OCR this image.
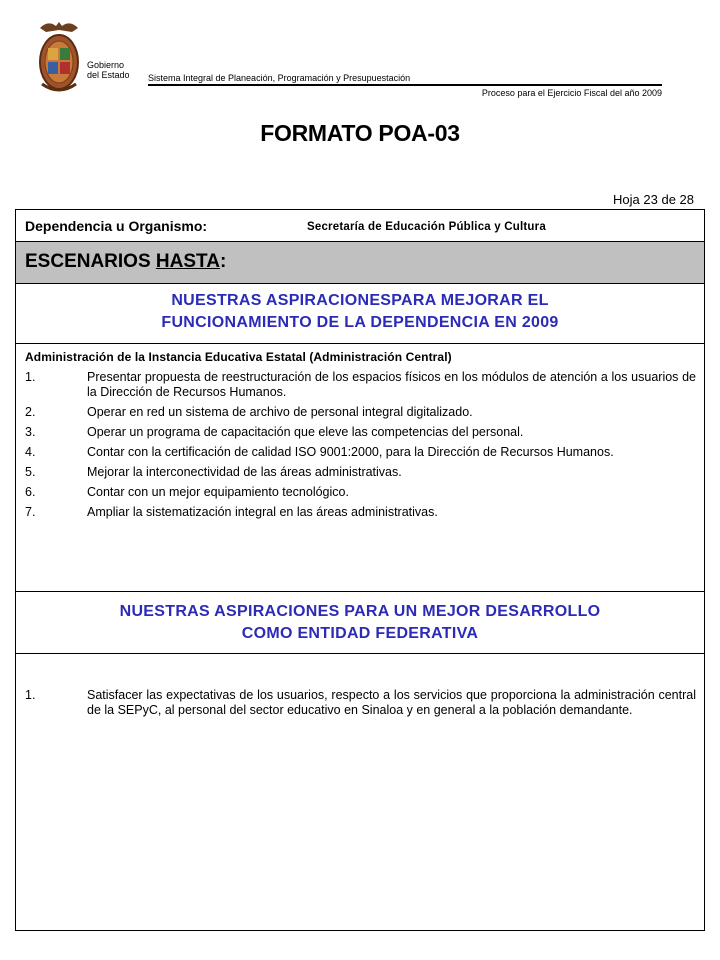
Gobierno
del Estado Sistema Integral de Planeación, Programación y Presupuestación
Proceso para el Ejercicio Fiscal del año 2009
FORMATO POA-03
Hoja 23 de 28
Dependencia u Organismo:	Secretaría de Educación Pública y Cultura
ESCENARIOS HASTA:
NUESTRAS ASPIRACIONESPARA MEJORAR EL
FUNCIONAMIENTO DE LA DEPENDENCIA EN 2009
Administración de la Instancia Educativa Estatal (Administración Central)
1.	Presentar propuesta de reestructuración de los espacios físicos en los módulos de atención a los usuarios de la Dirección de Recursos Humanos.
2.	Operar en red un sistema de archivo de personal integral digitalizado.
3.	Operar un programa de capacitación que eleve las competencias del personal.
4.	Contar con la certificación de calidad ISO 9001:2000, para la Dirección de Recursos Humanos.
5.	Mejorar la interconectividad de las áreas administrativas.
6.	Contar con un mejor equipamiento tecnológico.
7.	Ampliar la sistematización integral en las áreas administrativas.
NUESTRAS ASPIRACIONES PARA UN MEJOR DESARROLLO
COMO ENTIDAD FEDERATIVA
1.	Satisfacer las expectativas de los usuarios, respecto a los servicios que proporciona la administración central de la SEPyC, al personal del sector educativo en Sinaloa y en general a la población demandante.
